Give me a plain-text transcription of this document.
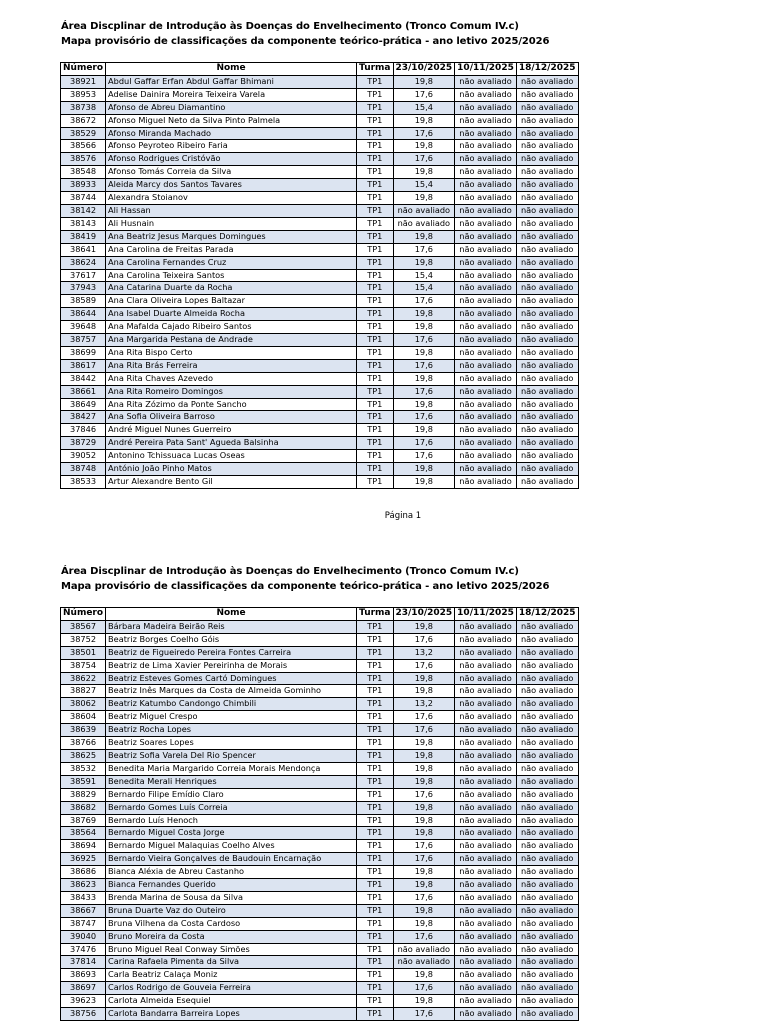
Área Discplinar de Introdução às Doenças do Envelhecimento (Tronco Comum IV.c)
Mapa provisório de classificações da componente teórico-prática - ano letivo 2025/2026
Número	Nome	Turma	23/10/2025	10/11/2025	18/12/2025
38921	Abdul Gaffar Erfan Abdul Gaffar Bhimani	TP1	19,8	não avaliado	não avaliado
38953	Adelise Dainira Moreira Teixeira Varela	TP1	17,6	não avaliado	não avaliado
38738	Afonso de Abreu Diamantino	TP1	15,4	não avaliado	não avaliado
38672	Afonso Miguel Neto da Silva Pinto Palmela	TP1	19,8	não avaliado	não avaliado
38529	Afonso Miranda Machado	TP1	17,6	não avaliado	não avaliado
38566	Afonso Peyroteo Ribeiro Faria	TP1	19,8	não avaliado	não avaliado
38576	Afonso Rodrigues Cristóvão	TP1	17,6	não avaliado	não avaliado
38548	Afonso Tomás Correia da Silva	TP1	19,8	não avaliado	não avaliado
38933	Aleida Marcy dos Santos Tavares	TP1	15,4	não avaliado	não avaliado
38744	Alexandra Stoianov	TP1	19,8	não avaliado	não avaliado
38142	Ali Hassan	TP1	não avaliado	não avaliado	não avaliado
38143	Ali Husnain	TP1	não avaliado	não avaliado	não avaliado
38419	Ana Beatriz Jesus Marques Domingues	TP1	19,8	não avaliado	não avaliado
38641	Ana Carolina de Freitas Parada	TP1	17,6	não avaliado	não avaliado
38624	Ana Carolina Fernandes Cruz	TP1	19,8	não avaliado	não avaliado
37617	Ana Carolina Teixeira Santos	TP1	15,4	não avaliado	não avaliado
37943	Ana Catarina Duarte da Rocha	TP1	15,4	não avaliado	não avaliado
38589	Ana Clara Oliveira Lopes Baltazar	TP1	17,6	não avaliado	não avaliado
38644	Ana Isabel Duarte Almeida Rocha	TP1	19,8	não avaliado	não avaliado
39648	Ana Mafalda Cajado Ribeiro Santos	TP1	19,8	não avaliado	não avaliado
38757	Ana Margarida Pestana de Andrade	TP1	17,6	não avaliado	não avaliado
38699	Ana Rita Bispo Certo	TP1	19,8	não avaliado	não avaliado
38617	Ana Rita Brás Ferreira	TP1	17,6	não avaliado	não avaliado
38442	Ana Rita Chaves Azevedo	TP1	19,8	não avaliado	não avaliado
38661	Ana Rita Romeiro Domingos	TP1	17,6	não avaliado	não avaliado
38649	Ana Rita Zózimo da Ponte Sancho	TP1	19,8	não avaliado	não avaliado
38427	Ana Sofia Oliveira Barroso	TP1	17,6	não avaliado	não avaliado
37846	André Miguel Nunes Guerreiro	TP1	19,8	não avaliado	não avaliado
38729	André Pereira Pata Sant' Agueda Balsinha	TP1	17,6	não avaliado	não avaliado
39052	Antonino Tchissuaca Lucas Oseas	TP1	17,6	não avaliado	não avaliado
38748	António João Pinho Matos	TP1	19,8	não avaliado	não avaliado
38533	Artur Alexandre Bento Gil	TP1	19,8	não avaliado	não avaliado
Página 1
Área Discplinar de Introdução às Doenças do Envelhecimento (Tronco Comum IV.c)
Mapa provisório de classificações da componente teórico-prática - ano letivo 2025/2026
Número	Nome	Turma	23/10/2025	10/11/2025	18/12/2025
38567	Bárbara Madeira Beirão Reis	TP1	19,8	não avaliado	não avaliado
38752	Beatriz Borges Coelho Góis	TP1	17,6	não avaliado	não avaliado
38501	Beatriz de Figueiredo Pereira Fontes Carreira	TP1	13,2	não avaliado	não avaliado
38754	Beatriz de Lima Xavier Pereirinha de Morais	TP1	17,6	não avaliado	não avaliado
38622	Beatriz Esteves Gomes Cartó Domingues	TP1	19,8	não avaliado	não avaliado
38827	Beatriz Inês Marques da Costa de Almeida Gominho	TP1	19,8	não avaliado	não avaliado
38062	Beatriz Katumbo Candongo Chimbili	TP1	13,2	não avaliado	não avaliado
38604	Beatriz Miguel Crespo	TP1	17,6	não avaliado	não avaliado
38639	Beatriz Rocha Lopes	TP1	17,6	não avaliado	não avaliado
38766	Beatriz Soares Lopes	TP1	19,8	não avaliado	não avaliado
38625	Beatriz Sofia Varela Del Rio Spencer	TP1	19,8	não avaliado	não avaliado
38532	Benedita Maria Margarido Correia Morais Mendonça	TP1	19,8	não avaliado	não avaliado
38591	Benedita Merali Henriques	TP1	19,8	não avaliado	não avaliado
38829	Bernardo Filipe Emídio Claro	TP1	17,6	não avaliado	não avaliado
38682	Bernardo Gomes Luís Correia	TP1	19,8	não avaliado	não avaliado
38769	Bernardo Luís Henoch	TP1	19,8	não avaliado	não avaliado
38564	Bernardo Miguel Costa Jorge	TP1	19,8	não avaliado	não avaliado
38694	Bernardo Miguel Malaquias Coelho Alves	TP1	17,6	não avaliado	não avaliado
36925	Bernardo Vieira Gonçalves de Baudouin Encarnação	TP1	17,6	não avaliado	não avaliado
38686	Bianca Aléxia de Abreu Castanho	TP1	19,8	não avaliado	não avaliado
38623	Bianca Fernandes Querido	TP1	19,8	não avaliado	não avaliado
38433	Brenda Marina de Sousa da Silva	TP1	17,6	não avaliado	não avaliado
38667	Bruna Duarte Vaz do Outeiro	TP1	19,8	não avaliado	não avaliado
38747	Bruna Vilhena da Costa Cardoso	TP1	19,8	não avaliado	não avaliado
39040	Bruno Moreira da Costa	TP1	17,6	não avaliado	não avaliado
37476	Bruno Miguel Real Conway Simões	TP1	não avaliado	não avaliado	não avaliado
37814	Carina Rafaela Pimenta da Silva	TP1	não avaliado	não avaliado	não avaliado
38693	Carla Beatriz Calaça Moniz	TP1	19,8	não avaliado	não avaliado
38697	Carlos Rodrigo de Gouveia Ferreira	TP1	17,6	não avaliado	não avaliado
39623	Carlota Almeida Esequiel	TP1	19,8	não avaliado	não avaliado
38756	Carlota Bandarra Barreira Lopes	TP1	17,6	não avaliado	não avaliado
